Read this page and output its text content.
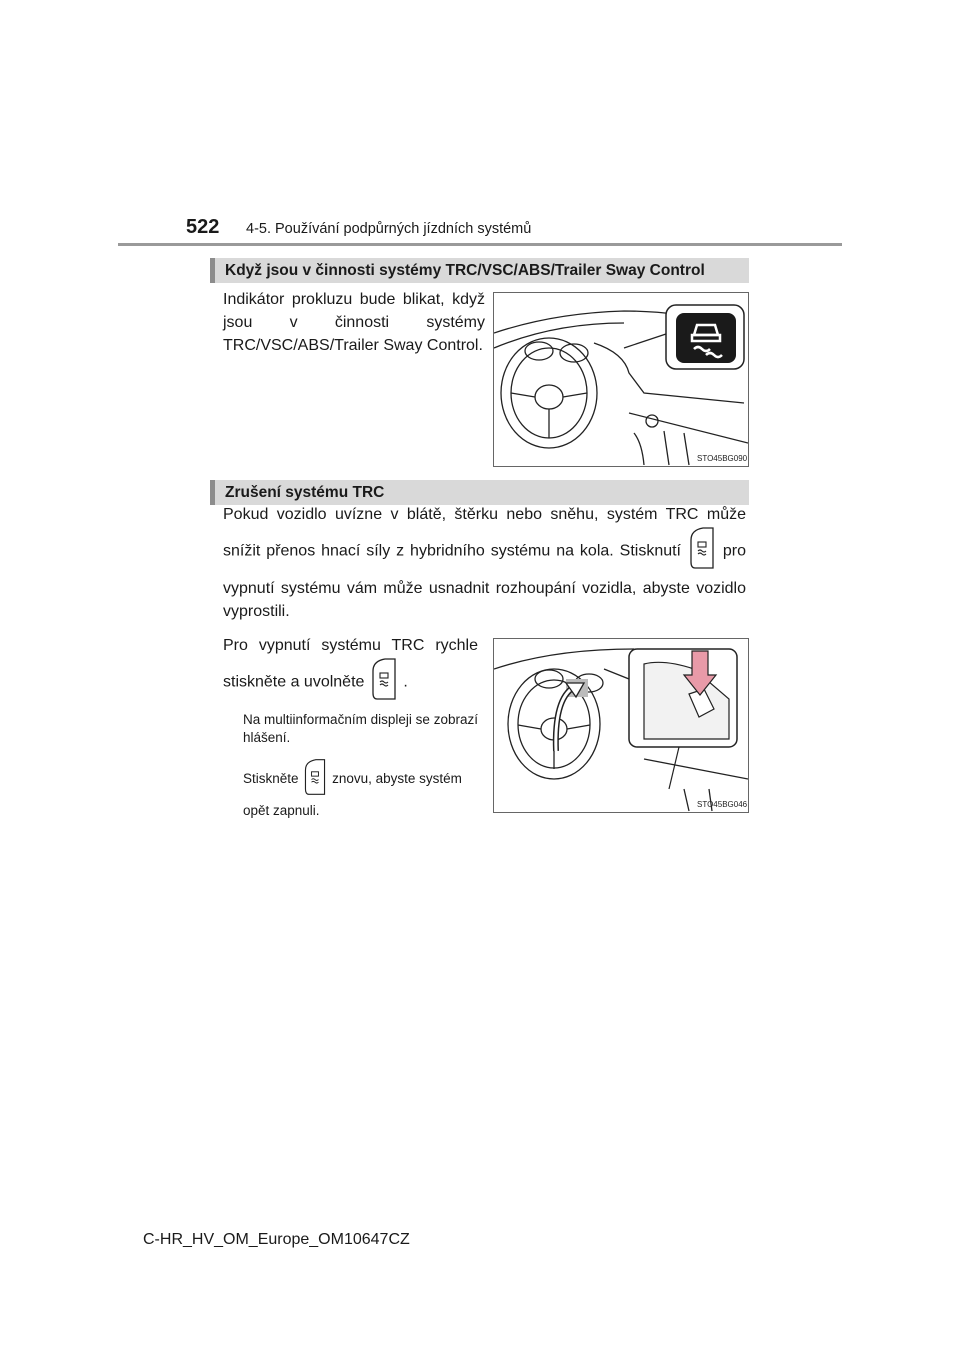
522 4-5. Používání podpůrných jízdních systémů
Když jsou v činnosti systémy TRC/VSC/ABS/Trailer Sway Control
Indikátor prokluzu bude blikat, když jsou v činnosti systémy TRC/VSC/ABS/Trailer Sway Control.
STO45BG090
Zrušení systému TRC
Pokud vozidlo uvízne v blátě, štěrku nebo sněhu, systém TRC může snížit přenos hnací síly z hybridního systému na kola. Stisknutí	pro vypnutí systému vám může usnadnit rozhoupání vozidla, abyste vozidlo vyprostili.
Pro vypnutí systému TRC rychle stiskněte a uvolněte .
Na multiinformačním displeji se zobrazí hlášení.
Stiskněte znovu, abyste systém opět zapnuli.	STO45BG046
C-HR_HV_OM_Europe_OM10647CZ
